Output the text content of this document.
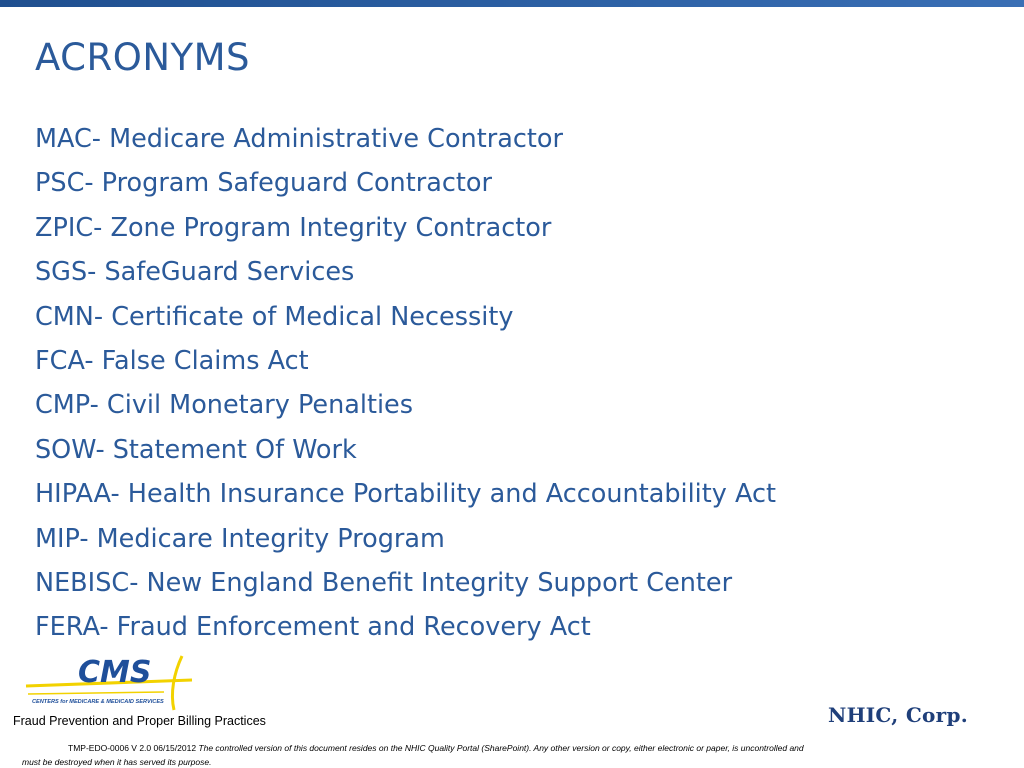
ACRONYMS
MAC- Medicare Administrative Contractor
PSC- Program Safeguard Contractor
ZPIC- Zone Program Integrity Contractor
SGS- SafeGuard Services
CMN- Certificate of Medical Necessity
FCA- False Claims Act
CMP- Civil Monetary Penalties
SOW- Statement Of Work
HIPAA- Health Insurance Portability and Accountability Act
MIP- Medicare Integrity Program
NEBISC- New England Benefit Integrity Support Center
FERA- Fraud Enforcement and Recovery Act
CMS
CENTERS for MEDICARE & MEDICAID SERVICES
Fraud Prevention and Proper Billing Practices	NHIC, Corp.
TMP-EDO-0006 V 2.0 06/15/2012 The controlled version of this document resides on the NHIC Quality Portal (SharePoint). Any other version or copy, either electronic or paper, is uncontrolled and
must be destroyed when it has served its purpose.
